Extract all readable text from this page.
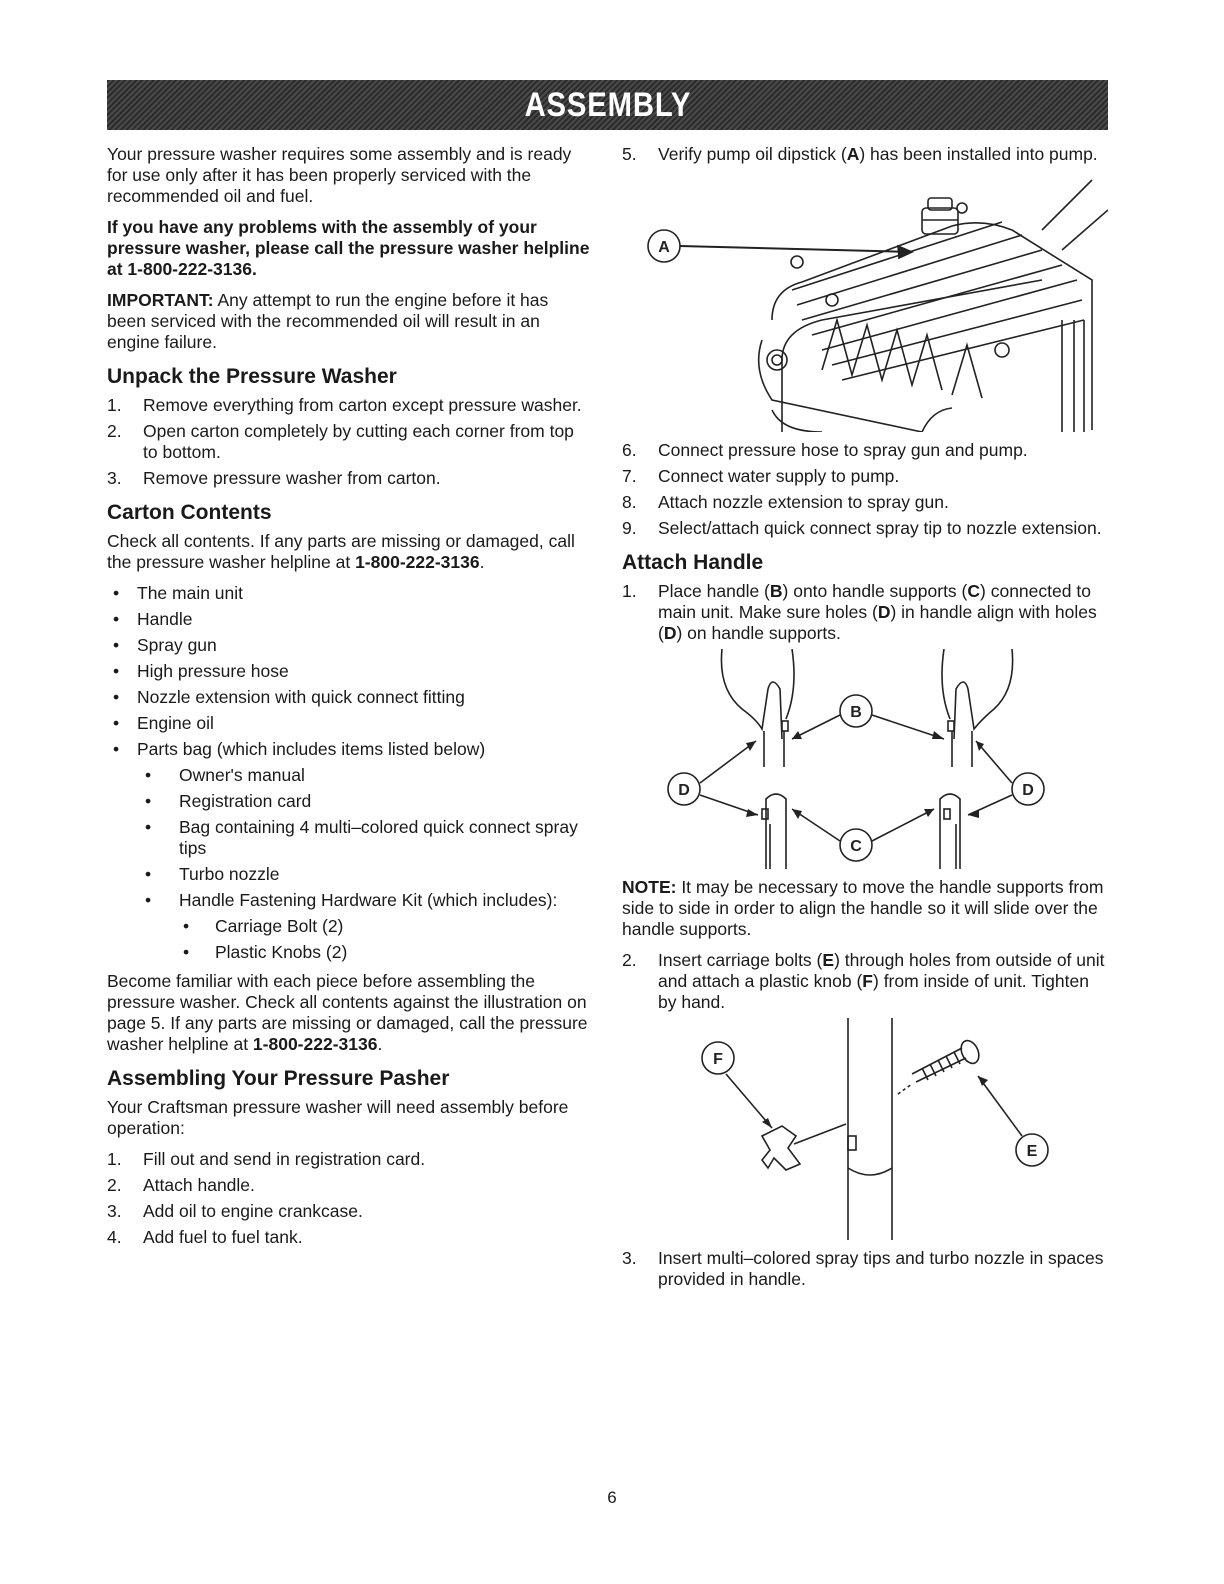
ASSEMBLY

Your pressure washer requires some assembly and is ready for use only after it has been properly serviced with the recommended oil and fuel.

If you have any problems with the assembly of your pressure washer, please call the pressure washer helpline at 1-800-222-3136.

IMPORTANT: Any attempt to run the engine before it has been serviced with the recommended oil will result in an engine failure.

Unpack the Pressure Washer
1. Remove everything from carton except pressure washer.
2. Open carton completely by cutting each corner from top to bottom.
3. Remove pressure washer from carton.
Carton Contents

Check all contents. If any parts are missing or damaged, call the pressure washer helpline at 1-800-222-3136.

• The main unit
• Handle
• Spray gun
• High pressure hose
• Nozzle extension with quick connect fitting
• Engine oil
• Parts bag (which includes items listed below)
• Owner's manual
• Registration card
• Bag containing 4 multi–colored quick connect spray tips
• Turbo nozzle
• Handle Fastening Hardware Kit (which includes):
• Carriage Bolt (2)
• Plastic Knobs (2)

Become familiar with each piece before assembling the pressure washer. Check all contents against the illustration on page 5. If any parts are missing or damaged, call the pressure washer helpline at 1-800-222-3136.

Assembling Your Pressure Pasher

Your Craftsman pressure washer will need assembly before operation:

1. Fill out and send in registration card.
2. Attach handle.
3. Add oil to engine crankcase.
4. Add fuel to fuel tank.
5. Verify pump oil dipstick (A) has been installed into pump.
A
6. Connect pressure hose to spray gun and pump.
7. Connect water supply to pump.
8. Attach nozzle extension to spray gun.
9. Select/attach quick connect spray tip to nozzle extension.
Attach Handle
1. Place handle (B) onto handle supports (C) connected to main unit. Make sure holes (D) in handle align with holes (D) on handle supports.
B
D	D
C

NOTE: It may be necessary to move the handle supports from side to side in order to align the handle so it will slide over the handle supports.

2. Insert carriage bolts (E) through holes from outside of unit and attach a plastic knob (F) from inside of unit. Tighten by hand.
F
E
3. Insert multi–colored spray tips and turbo nozzle in spaces provided in handle.
6
